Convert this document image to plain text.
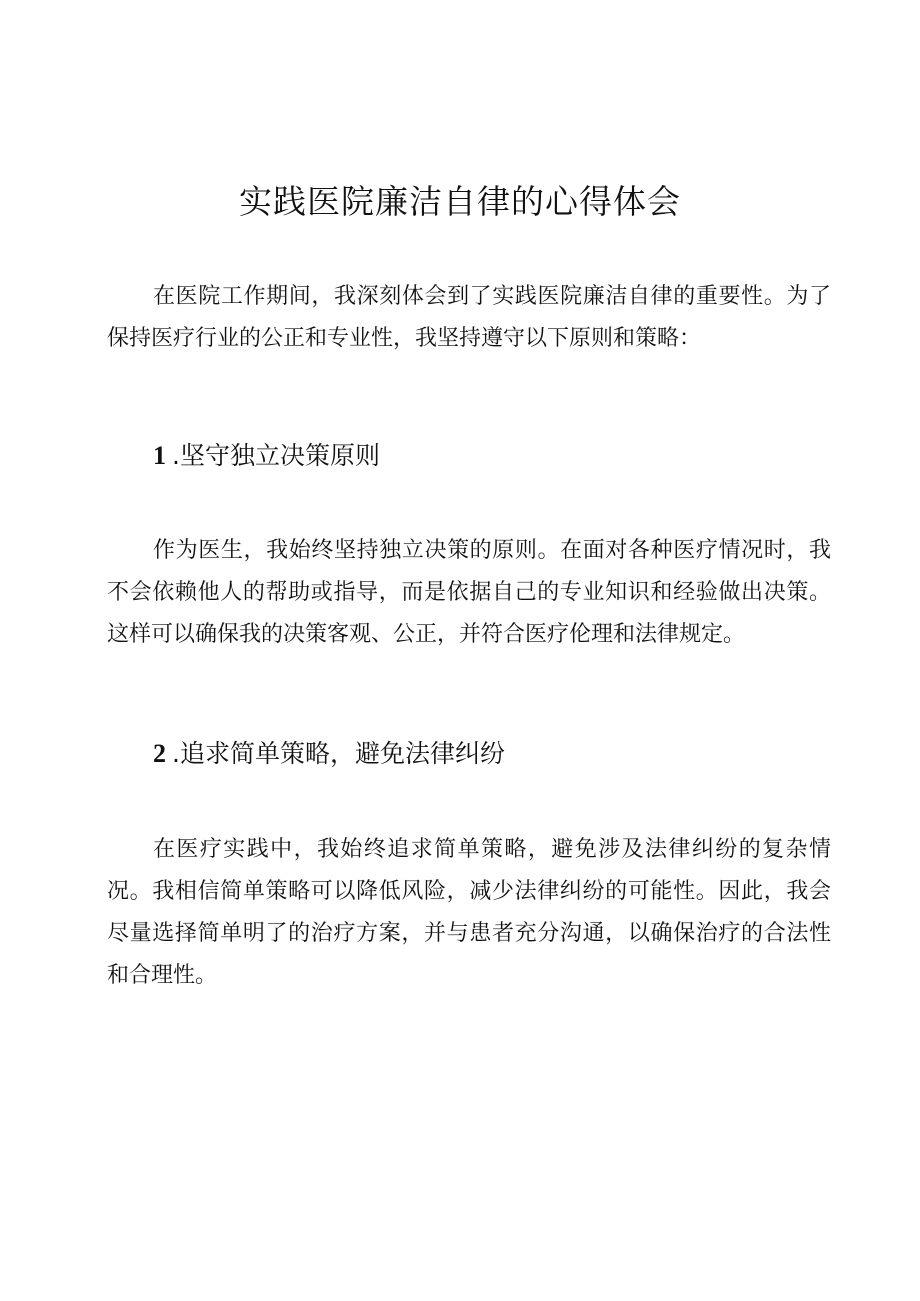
实践医院廉洁自律的心得体会

在医院工作期间，我深刻体会到了实践医院廉洁自律的重要性。为了保持医疗行业的公正和专业性，我坚持遵守以下原则和策略：

1 .坚守独立决策原则

作为医生，我始终坚持独立决策的原则。在面对各种医疗情况时，我不会依赖他人的帮助或指导，而是依据自己的专业知识和经验做出决策。这样可以确保我的决策客观、公正，并符合医疗伦理和法律规定。

2 .追求简单策略，避免法律纠纷

在医疗实践中，我始终追求简单策略，避免涉及法律纠纷的复杂情况。我相信简单策略可以降低风险，减少法律纠纷的可能性。因此，我会尽量选择简单明了的治疗方案，并与患者充分沟通，以确保治疗的合法性和合理性。
